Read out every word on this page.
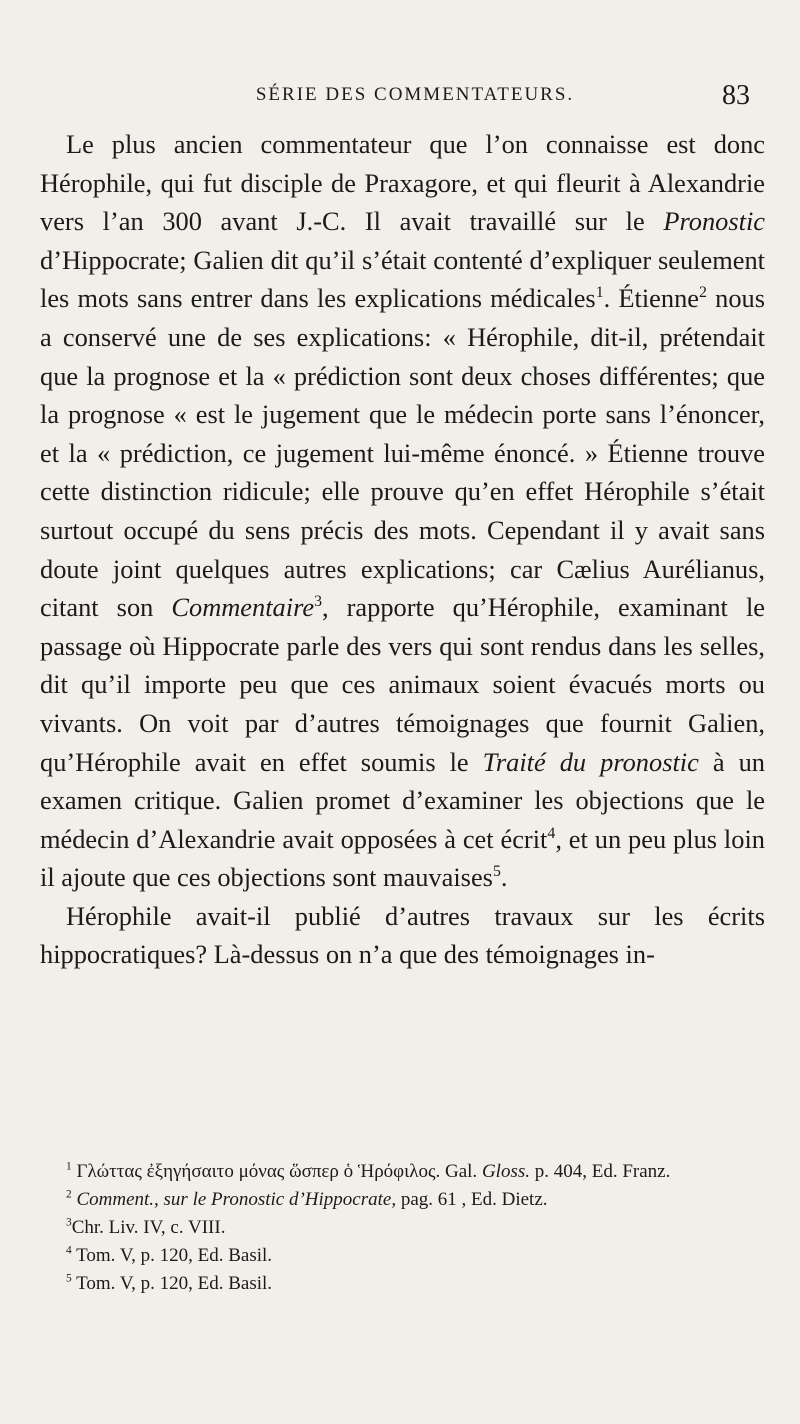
SÉRIE DES COMMENTATEURS.	83

Le plus ancien commentateur que l’on connaisse est donc Hérophile, qui fut disciple de Praxagore, et qui fleurit à Alexandrie vers l’an 300 avant J.-C. Il avait travaillé sur le Pronostic d’Hippocrate; Galien dit qu’il s’était contenté d’expliquer seulement les mots sans entrer dans les explications médicales$^1$. Étienne$^2$ nous a conservé une de ses explications: « Hérophile, dit-il, prétendait que la prognose et la « prédiction sont deux choses différentes; que la prognose « est le jugement que le médecin porte sans l’énoncer, et la « prédiction, ce jugement lui-même énoncé. » Étienne trouve cette distinction ridicule; elle prouve qu’en effet Hérophile s’était surtout occupé du sens précis des mots. Cependant il y avait sans doute joint quelques autres explications; car Cælius Aurélianus, citant son Commentaire$^3$, rapporte qu’Hérophile, examinant le passage où Hippocrate parle des vers qui sont rendus dans les selles, dit qu’il importe peu que ces animaux soient évacués morts ou vivants. On voit par d’autres témoignages que fournit Galien, qu’Hérophile avait en effet soumis le Traité du pronostic à un examen critique. Galien promet d’examiner les objections que le médecin d’Alexandrie avait opposées à cet écrit$^4$, et un peu plus loin il ajoute que ces objections sont mauvaises$^5$.

Hérophile avait-il publié d’autres travaux sur les écrits hippocratiques? Là-dessus on n’a que des témoignages in-

$^1$ Γλώττας ἐξηγήσαιτο μόνας ὥσπερ ὁ Ἡρόφιλος. Gal. Gloss. p. 404, Ed. Franz.

$^2$ Comment., sur le Pronostic d’Hippocrate, pag. 61 , Ed. Dietz.

$^3$Chr. Liv. IV, c. VIII.

$^4$ Tom. V, p. 120, Ed. Basil.

$^5$ Tom. V, p. 120, Ed. Basil.
